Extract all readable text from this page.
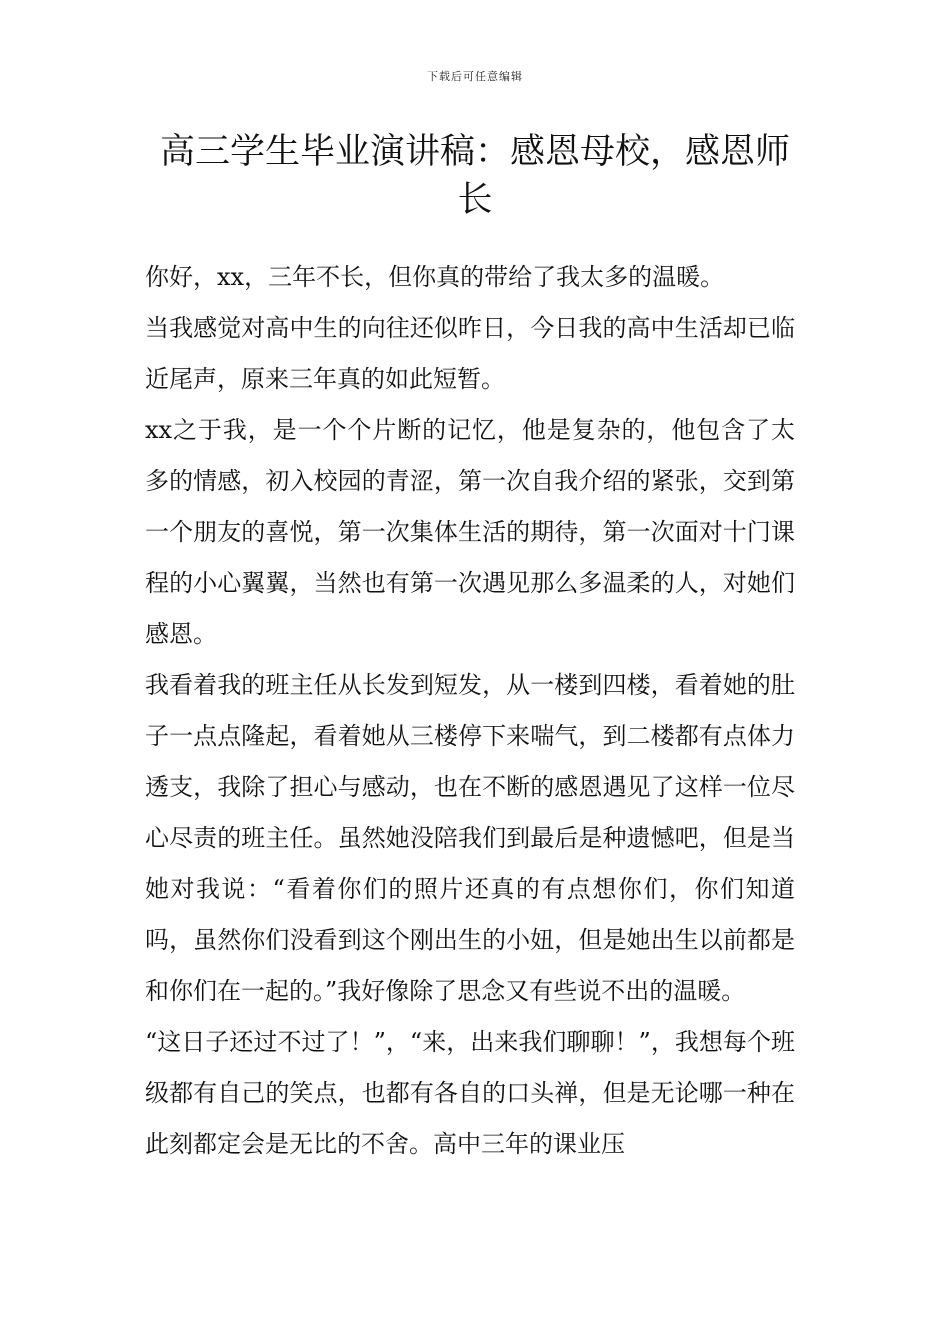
下载后可任意编辑
高三学生毕业演讲稿：感恩母校，感恩师长

你好，xx，三年不长，但你真的带给了我太多的温暖。

当我感觉对高中生的向往还似昨日，今日我的高中生活却已临近尾声，原来三年真的如此短暂。

xx之于我，是一个个片断的记忆，他是复杂的，他包含了太多的情感，初入校园的青涩，第一次自我介绍的紧张，交到第一个朋友的喜悦，第一次集体生活的期待，第一次面对十门课程的小心翼翼，当然也有第一次遇见那么多温柔的人，对她们感恩。

我看着我的班主任从长发到短发，从一楼到四楼，看着她的肚子一点点隆起，看着她从三楼停下来喘气，到二楼都有点体力透支，我除了担心与感动，也在不断的感恩遇见了这样一位尽心尽责的班主任。虽然她没陪我们到最后是种遗憾吧，但是当她对我说：“看着你们的照片还真的有点想你们，你们知道吗，虽然你们没看到这个刚出生的小妞，但是她出生以前都是和你们在一起的。”我好像除了思念又有些说不出的温暖。

“这日子还过不过了！”，“来，出来我们聊聊！”，我想每个班级都有自己的笑点，也都有各自的口头禅，但是无论哪一种在此刻都定会是无比的不舍。高中三年的课业压
